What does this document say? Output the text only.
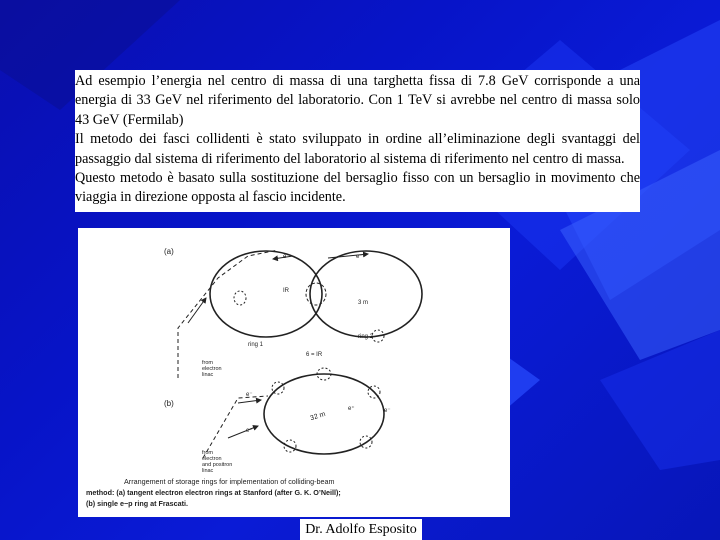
Ad esempio l’energia nel centro di massa di una targhetta fissa di 7.8 GeV corrisponde a una energia di 33 GeV nel riferimento del laboratorio. Con 1 TeV si avrebbe nel centro di massa solo 43 GeV (Fermilab)

Il metodo dei fasci collidenti è stato sviluppato in ordine all’eliminazione degli svantaggi del passaggio dal sistema di riferimento del laboratorio al sistema di riferimento nel centro di massa.

Questo metodo è basato sulla sostituzione del bersaglio fisso con un bersaglio in movimento che viaggia in direzione opposta al fascio incidente.

(a)
e⁻	e⁻
IR
3 m
ring 1
ring 2
from
electron
linac
6 = IR
(b)
e⁻
e⁺
e⁺	e⁻
32 m
from
electron
and positron
linac
Arrangement of storage rings for implementation of colliding-beam
method: (a) tangent electron electron rings at Stanford (after G. K. O’Neill);
(b) single e−p ring at Frascati.
Dr. Adolfo Esposito
